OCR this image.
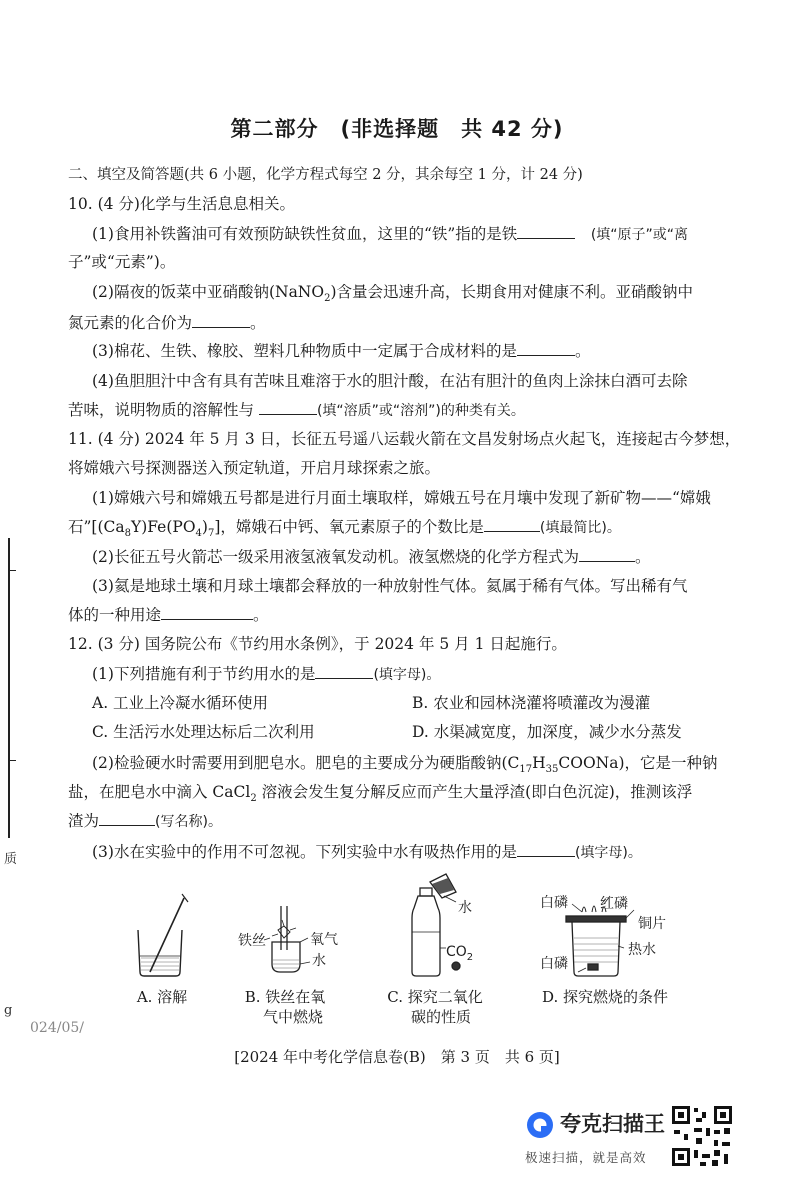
第二部分　(非选择题　共 42 分)
二、填空及简答题(共 6 小题，化学方程式每空 2 分，其余每空 1 分，计 24 分)
10. (4 分)化学与生活息息相关。
(1)食用补铁酱油可有效预防缺铁性贫血，这里的“铁”指的是铁　	(填“原子”或“离
子”或“元素”)。
(2)隔夜的饭菜中亚硝酸钠(NaNO$_2$)含量会迅速升高，长期食用对健康不利。亚硝酸钠中
氮元素的化合价为	。
(3)棉花、生铁、橡胶、塑料几种物质中一定属于合成材料的是	。
(4)鱼胆胆汁中含有具有苦味且难溶于水的胆汁酸，在沾有胆汁的鱼肉上涂抹白酒可去除
苦味，说明物质的溶解性与	(填“溶质”或“溶剂”)的种类有关。
11. (4 分) 2024 年 5 月 3 日，长征五号遥八运载火箭在文昌发射场点火起飞，连接起古今梦想，
将嫦娥六号探测器送入预定轨道，开启月球探索之旅。
(1)嫦娥六号和嫦娥五号都是进行月面土壤取样，嫦娥五号在月壤中发现了新矿物——“嫦娥
石$”[(Ca_8Y)Fe(PO_4)_7]$，嫦娥石中钙、氧元素原子的个数比是	(填最简比)。
(2)长征五号火箭芯一级采用液氢液氧发动机。液氢燃烧的化学方程式为	。
(3)氦是地球土壤和月球土壤都会释放的一种放射性气体。氦属于稀有气体。写出稀有气
体的一种用途	。
12. (3 分) 国务院公布《节约用水条例》，于 2024 年 5 月 1 日起施行。
(1)下列措施有利于节约用水的是	(填字母)。
A. 工业上冷凝水循环使用	B. 农业和园林浇灌将喷灌改为漫灌
C. 生活污水处理达标后二次利用	D. 水渠减宽度，加深度，减少水分蒸发
(2)检验硬水时需要用到肥皂水。肥皂的主要成分为硬脂酸钠$(C_{17}H_{35}COONa)$，它是一种钠
盐，在肥皂水中滴入 CaCl$_2$ 溶液会发生复分解反应而产生大量浮渣(即白色沉淀)，推测该浮
渣为	(写名称)。
(3)水在实验中的作用不可忽视。下列实验中水有吸热作用的是	(填字母)。
铁丝	氧气
水
水
$CO_2$
白磷 红磷
铜片
热水
白磷
A. 溶解	B. 铁丝在氧
气中燃烧
C. 探究二氧化
碳的性质
D. 探究燃烧的条件
[2024 年中考化学信息卷(B)　第 3 页　共 6 页]
质
g
024/05/
夸克扫描王
极速扫描，就是高效
